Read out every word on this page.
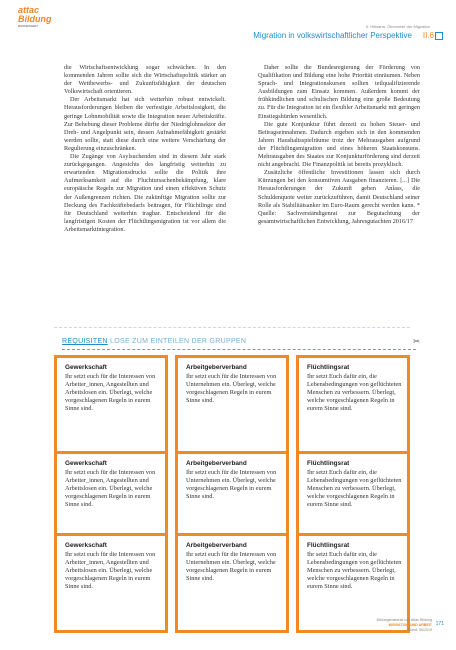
attac
Bildung
BUNDESWEIT	II. Hilfsarm: Ökonomie der Migration
Migration in volkswirtschaftlicher Perspektive II.6

die Wirtschaftsentwicklung sogar schwächen. In den kommenden Jahren sollte sich die Wirtschaftspolitik stärker an der Wettbewerbs- und Zukunftsfähigkeit der deutschen Volkswirtschaft orientieren.

Der Arbeitsmarkt hat sich weiterhin robust entwickelt. Herausforderungen bleiben die verfestigte Arbeitslosigkeit, die geringe Lohnmobilität sowie die Integration neuer Arbeitskräfte. Zur Behebung dieser Probleme dürfte der Niedriglohnsektor der Dreh- und Angelpunkt sein, dessen Aufnahmefähigkeit gestärkt werden sollte, statt diese durch eine weitere Verschärfung der Regulierung einzuschränken.

Die Zugänge von Asylsuchenden sind in diesem Jahr stark zurückgegangen. Angesichts des langfristig weiterhin zu erwartenden Migrationsdrucks sollte die Politik ihre Aufmerksamkeit auf die Fluchtursachenbekämpfung, klare europäische Regeln zur Migration und einen effektiven Schutz der Außengrenzen richten. Die zukünftige Migration sollte zur Deckung des Fachkräftebedarfs beitragen, für Flüchtlinge sind für Deutschland weiterhin tragbar. Entscheidend für die langfristigen Kosten der Flüchtlingsmigration ist vor allem die Arbeitsmarktintegration.

Daher sollte die Bundesregierung der Förderung von Qualifikation und Bildung eine hohe Priorität einräumen. Neben Sprach- und Integrationskursen sollten teilqualifizierende Ausbildungen zum Einsatz kommen. Außerdem kommt der frühkindlichen und schulischen Bildung eine große Bedeutung zu. Für die Integration ist ein flexibler Arbeitsmarkt mit geringen Einstiegshürden wesentlich.

Die gute Konjunktur führt derzeit zu hohen Steuer- und Beitragseinnahmen. Dadurch ergeben sich in den kommenden Jahren Haushaltsspielräume trotz der Mehrausgaben aufgrund der Flüchtlingsmigration und eines höheren Staatskonsums. Mehrausgaben des Staates zur Konjunkturförderung sind derzeit nicht angebracht. Die Finanzpolitik ist bereits prozyklisch.

Zusätzliche öffentliche Investitionen lassen sich durch Kürzungen bei den konsumtiven Ausgaben finanzieren. [...] Die Herausforderungen der Zukunft geben Anlass, die Schuldenquote weiter zurückzuführen, damit Deutschland seiner Rolle als Stabilitätsanker im Euro-Raum gerecht werden kann. * Quelle: Sachverständigenrat zur Begutachtung der gesamtwirtschaftlichen Entwicklung, Jahresgutachten 2016/17

REQUISITEN LOSE ZUM EINTEILEN DER GRUPPEN	✂
Gewerkschaft
Ihr setzt euch für die Interessen von Arbeiter_innen, Angestellten und Arbeitslosen ein. Überlegt, welche vorgeschlagenen Regeln in eurem Sinne sind.
Arbeitgeberverband
Ihr setzt euch für die Interessen von Unternehmen ein. Überlegt, welche vorgeschlagenen Regeln in eurem Sinne sind.
Flüchtlingsrat
Ihr setzt Euch dafür ein, die Lebensbedingungen von geflüchteten Menschen zu verbessern. Überlegt, welche vorgeschlagenen Regeln in eurem Sinne sind.
Gewerkschaft
Ihr setzt euch für die Interessen von Arbeiter_innen, Angestellten und Arbeitslosen ein. Überlegt, welche vorgeschlagenen Regeln in eurem Sinne sind.
Arbeitgeberverband
Ihr setzt euch für die Interessen von Unternehmen ein. Überlegt, welche vorgeschlagenen Regeln in eurem Sinne sind.
Flüchtlingsrat
Ihr setzt Euch dafür ein, die Lebensbedingungen von geflüchteten Menschen zu verbessern. Überlegt, welche vorgeschlagenen Regeln in eurem Sinne sind.
Gewerkschaft
Ihr setzt euch für die Interessen von Arbeiter_innen, Angestellten und Arbeitslosen ein. Überlegt, welche vorgeschlagenen Regeln in eurem Sinne sind.
Arbeitgeberverband
Ihr setzt euch für die Interessen von Unternehmen ein. Überlegt, welche vorgeschlagenen Regeln in eurem Sinne sind.
Flüchtlingsrat
Ihr setzt Euch dafür ein, die Lebensbedingungen von geflüchteten Menschen zu verbessern. Überlegt, welche vorgeschlagenen Regeln in eurem Sinne sind.
Bildungsmaterial von Attac Bildung
MIGRATION UND ARBEIT
Stand: 06/2019
171
